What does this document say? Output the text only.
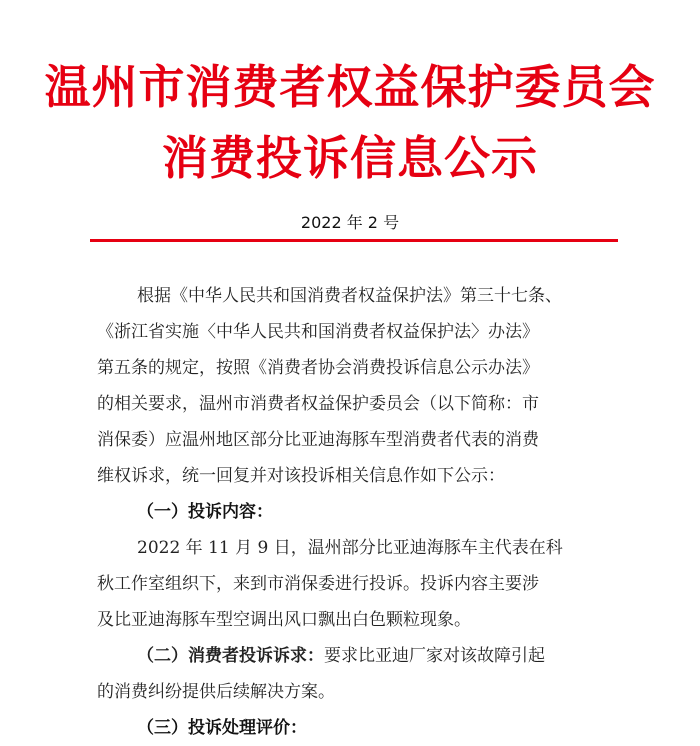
温州市消费者权益保护委员会
消费投诉信息公示
2022 年 2 号
根据《中华人民共和国消费者权益保护法》第三十七条、
《浙江省实施〈中华人民共和国消费者权益保护法〉办法》
第五条的规定，按照《消费者协会消费投诉信息公示办法》
的相关要求，温州市消费者权益保护委员会（以下简称：市
消保委）应温州地区部分比亚迪海豚车型消费者代表的消费
维权诉求，统一回复并对该投诉相关信息作如下公示：
（一）投诉内容：
2022 年 11 月 9 日，温州部分比亚迪海豚车主代表在科
秋工作室组织下，来到市消保委进行投诉。投诉内容主要涉
及比亚迪海豚车型空调出风口飘出白色颗粒现象。
（二）消费者投诉诉求：要求比亚迪厂家对该故障引起
的消费纠纷提供后续解决方案。
（三）投诉处理评价：
